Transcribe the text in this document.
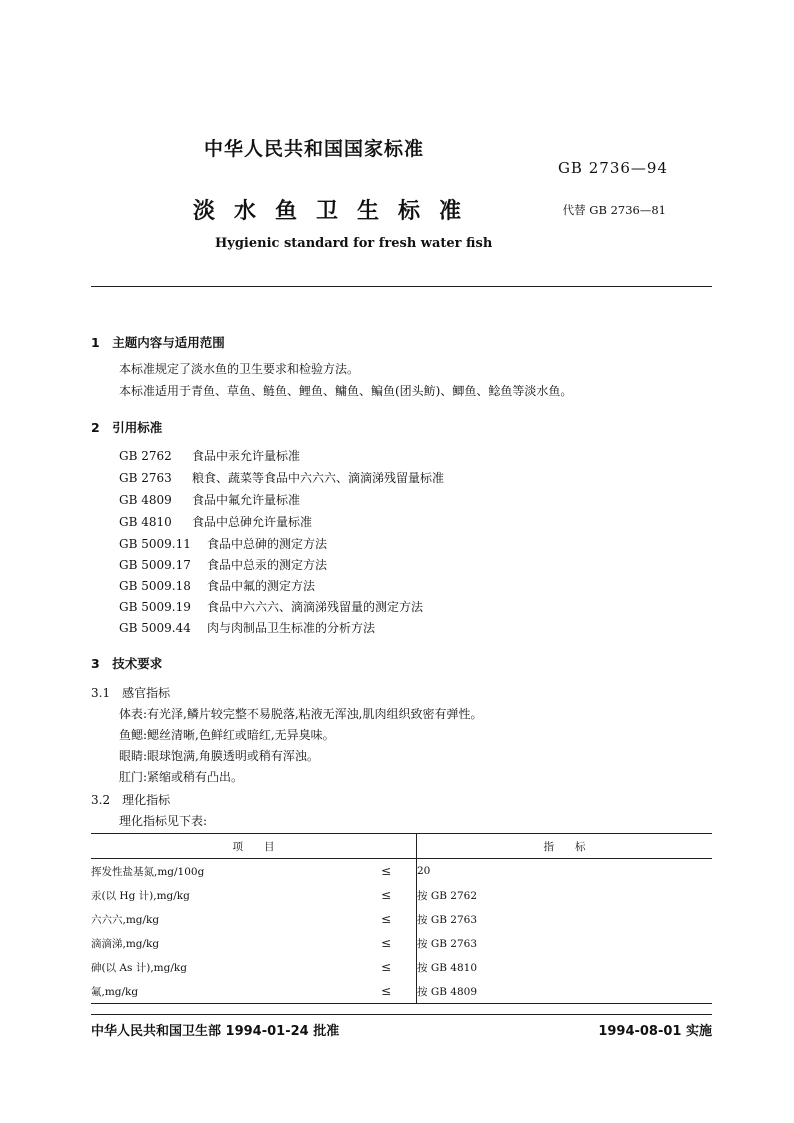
中华人民共和国国家标准
GB 2736—94
淡水鱼卫生标准	代替 GB 2736—81
Hygienic standard for fresh water fish
1　主题内容与适用范围
本标准规定了淡水鱼的卫生要求和检验方法。
本标准适用于青鱼、草鱼、鲢鱼、鲤鱼、鳙鱼、鳊鱼(团头鲂)、鲫鱼、鲶鱼等淡水鱼。
2　引用标准
GB 2762 食品中汞允许量标准
GB 2763 粮食、蔬菜等食品中六六六、滴滴涕残留量标准
GB 4809 食品中氟允许量标准
GB 4810 食品中总砷允许量标准
GB 5009.11 食品中总砷的测定方法
GB 5009.17 食品中总汞的测定方法
GB 5009.18 食品中氟的测定方法
GB 5009.19 食品中六六六、滴滴涕残留量的测定方法
GB 5009.44 肉与肉制品卫生标准的分析方法
3　技术要求
3.1　感官指标
体表:有光泽,鳞片较完整不易脱落,粘液无浑浊,肌肉组织致密有弹性。
鱼鳃:鳃丝清晰,色鲜红或暗红,无异臭味。
眼睛:眼球饱满,角膜透明或稍有浑浊。
肛门:紧缩或稍有凸出。
3.2　理化指标
理化指标见下表:
项　　目			指　　标
挥发性盐基氮,mg/100g	≤		20
汞(以 Hg 计),mg/kg	≤		按 GB 2762
六六六,mg/kg	≤		按 GB 2763
滴滴涕,mg/kg	≤		按 GB 2763
砷(以 As 计),mg/kg	≤		按 GB 4810
氟,mg/kg	≤		按 GB 4809
中华人民共和国卫生部 1994-01-24 批准	1994-08-01 实施
